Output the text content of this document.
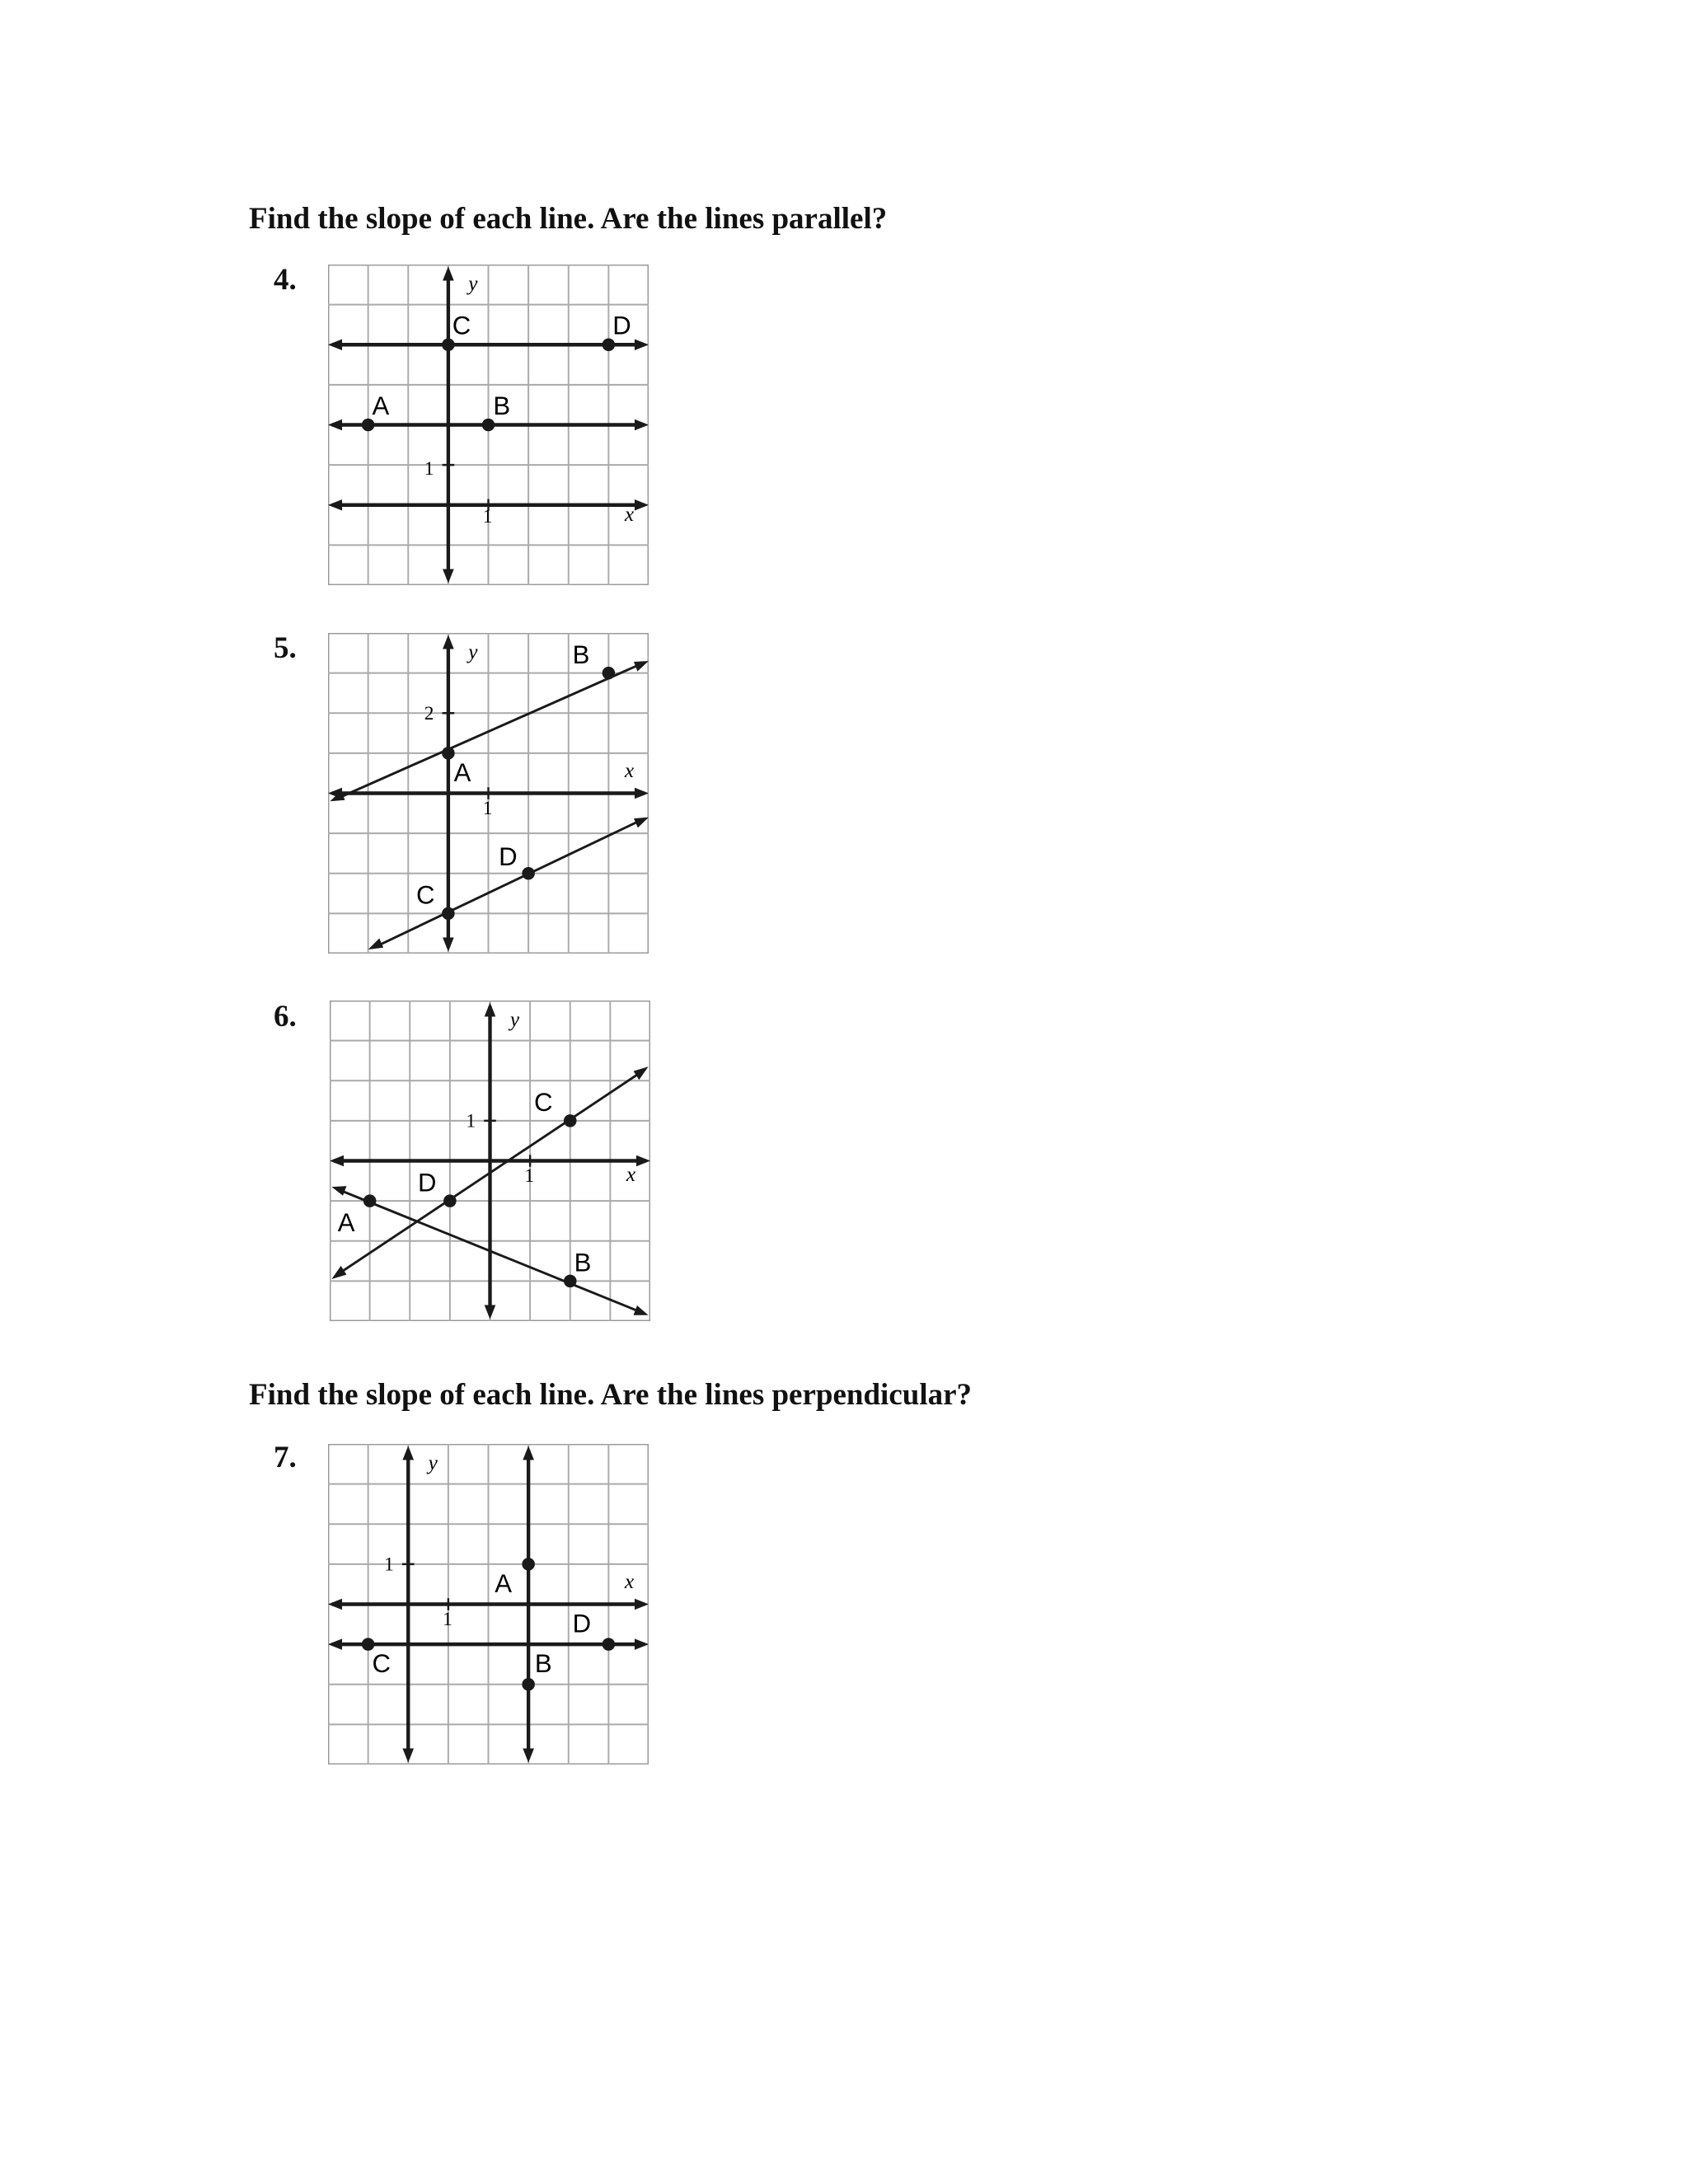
Find the slope of each line. Are the lines parallel?
4.	y
x
1
1
A	B
C	D
5.	y
x
2
1
A
B
C
D
6.	y
x
1
1
A
B
C
D
Find the slope of each line. Are the lines perpendicular?
7.	y
x
1
1
A
B
C
D
